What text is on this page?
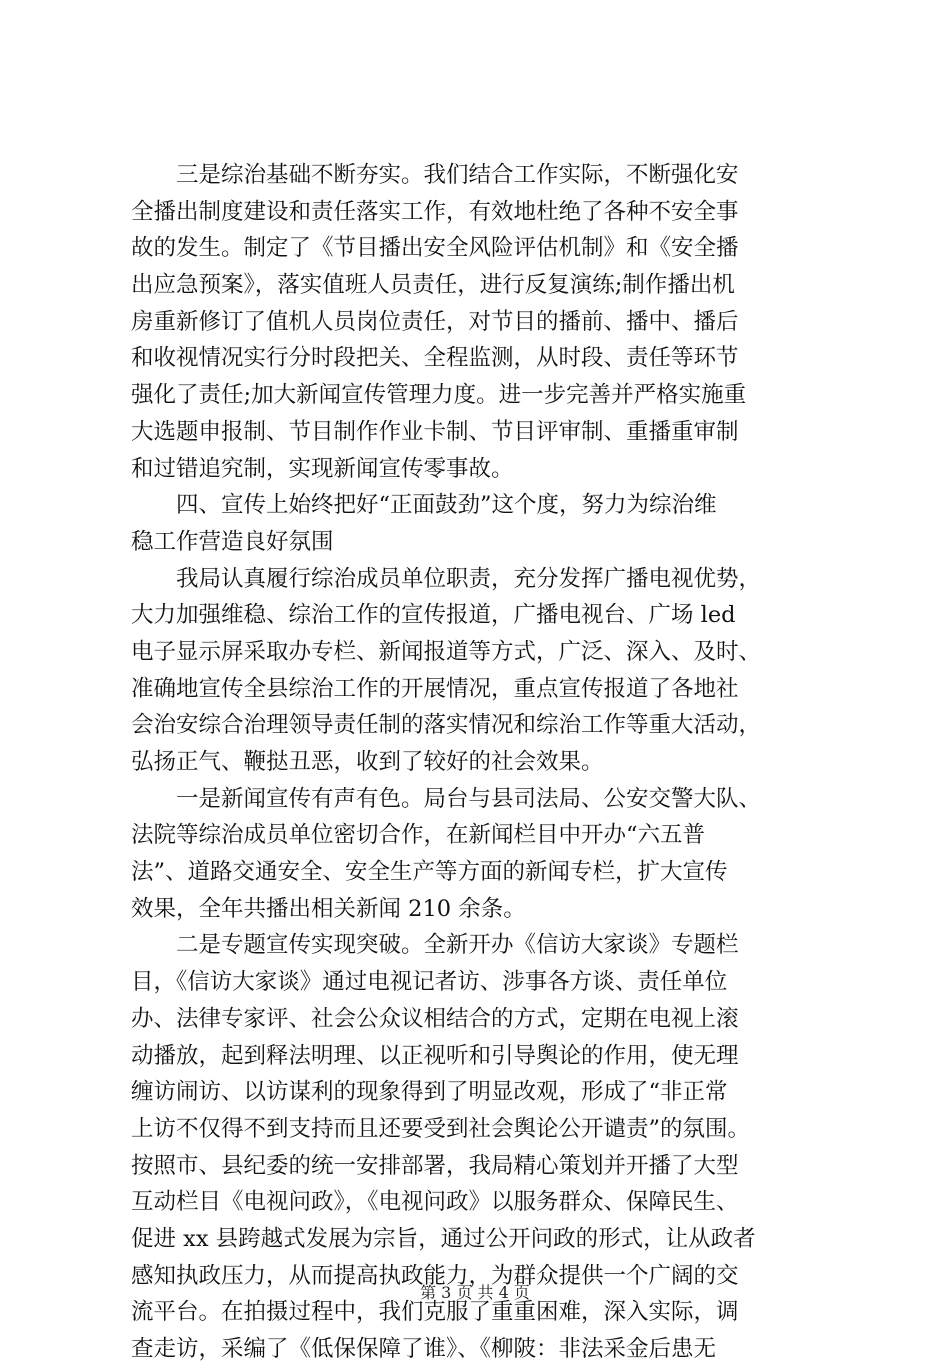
　　三是综治基础不断夯实。我们结合工作实际，不断强化安
全播出制度建设和责任落实工作，有效地杜绝了各种不安全事
故的发生。制定了《节目播出安全风险评估机制》和《安全播
出应急预案》，落实值班人员责任，进行反复演练;制作播出机
房重新修订了值机人员岗位责任，对节目的播前、播中、播后
和收视情况实行分时段把关、全程监测，从时段、责任等环节
强化了责任;加大新闻宣传管理力度。进一步完善并严格实施重
大选题申报制、节目制作作业卡制、节目评审制、重播重审制
和过错追究制，实现新闻宣传零事故。
　　四、宣传上始终把好“正面鼓劲”这个度，努力为综治维
稳工作营造良好氛围
　　我局认真履行综治成员单位职责，充分发挥广播电视优势，
大力加强维稳、综治工作的宣传报道，广播电视台、广场 led
电子显示屏采取办专栏、新闻报道等方式，广泛、深入、及时、
准确地宣传全县综治工作的开展情况，重点宣传报道了各地社
会治安综合治理领导责任制的落实情况和综治工作等重大活动，
弘扬正气、鞭挞丑恶，收到了较好的社会效果。
　　一是新闻宣传有声有色。局台与县司法局、公安交警大队、
法院等综治成员单位密切合作，在新闻栏目中开办“六五普
法”、道路交通安全、安全生产等方面的新闻专栏，扩大宣传
效果，全年共播出相关新闻 210 余条。
　　二是专题宣传实现突破。全新开办《信访大家谈》专题栏
目，《信访大家谈》通过电视记者访、涉事各方谈、责任单位
办、法律专家评、社会公众议相结合的方式，定期在电视上滚
动播放，起到释法明理、以正视听和引导舆论的作用，使无理
缠访闹访、以访谋利的现象得到了明显改观，形成了“非正常
上访不仅得不到支持而且还要受到社会舆论公开谴责”的氛围。
按照市、县纪委的统一安排部署，我局精心策划并开播了大型
互动栏目《电视问政》，《电视问政》以服务群众、保障民生、
促进 xx 县跨越式发展为宗旨，通过公开问政的形式，让从政者
感知执政压力，从而提高执政能力，为群众提供一个广阔的交
流平台。在拍摄过程中，我们克服了重重困难，深入实际，调
查走访，采编了《低保保障了谁》、《柳陂：非法采金后患无
第 3 页 共 4 页
